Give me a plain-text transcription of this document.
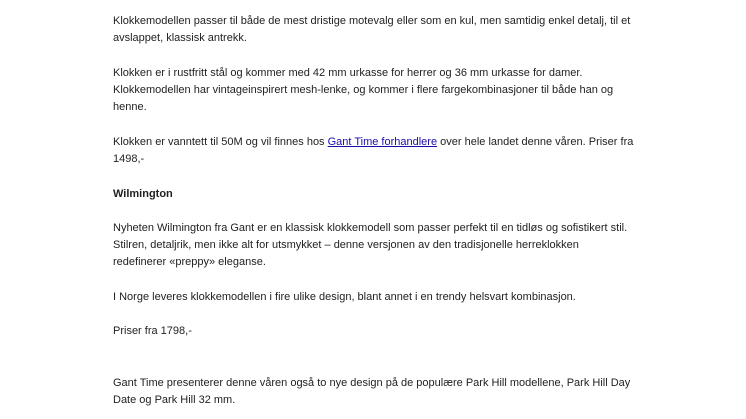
Klokkemodellen passer til både de mest dristige motevalg eller som en kul, men samtidig enkel detalj, til et avslappet, klassisk antrekk.

Klokken er i rustfritt stål og kommer med 42 mm urkasse for herrer og 36 mm urkasse for damer. Klokkemodellen har vintageinspirert mesh-lenke, og kommer i flere fargekombinasjoner til både han og henne.

Klokken er vanntett til 50M og vil finnes hos Gant Time forhandlere over hele landet denne våren. Priser fra 1498,-

Wilmington

Nyheten Wilmington fra Gant er en klassisk klokkemodell som passer perfekt til en tidløs og sofistikert stil. Stilren, detaljrik, men ikke alt for utsmykket – denne versjonen av den tradisjonelle herreklokken redefinerer «preppy» eleganse.

I Norge leveres klokkemodellen i fire ulike design, blant annet i en trendy helsvart kombinasjon.

Priser fra 1798,-

Gant Time presenterer denne våren også to nye design på de populære Park Hill modellene, Park Hill Day Date og Park Hill 32 mm.
